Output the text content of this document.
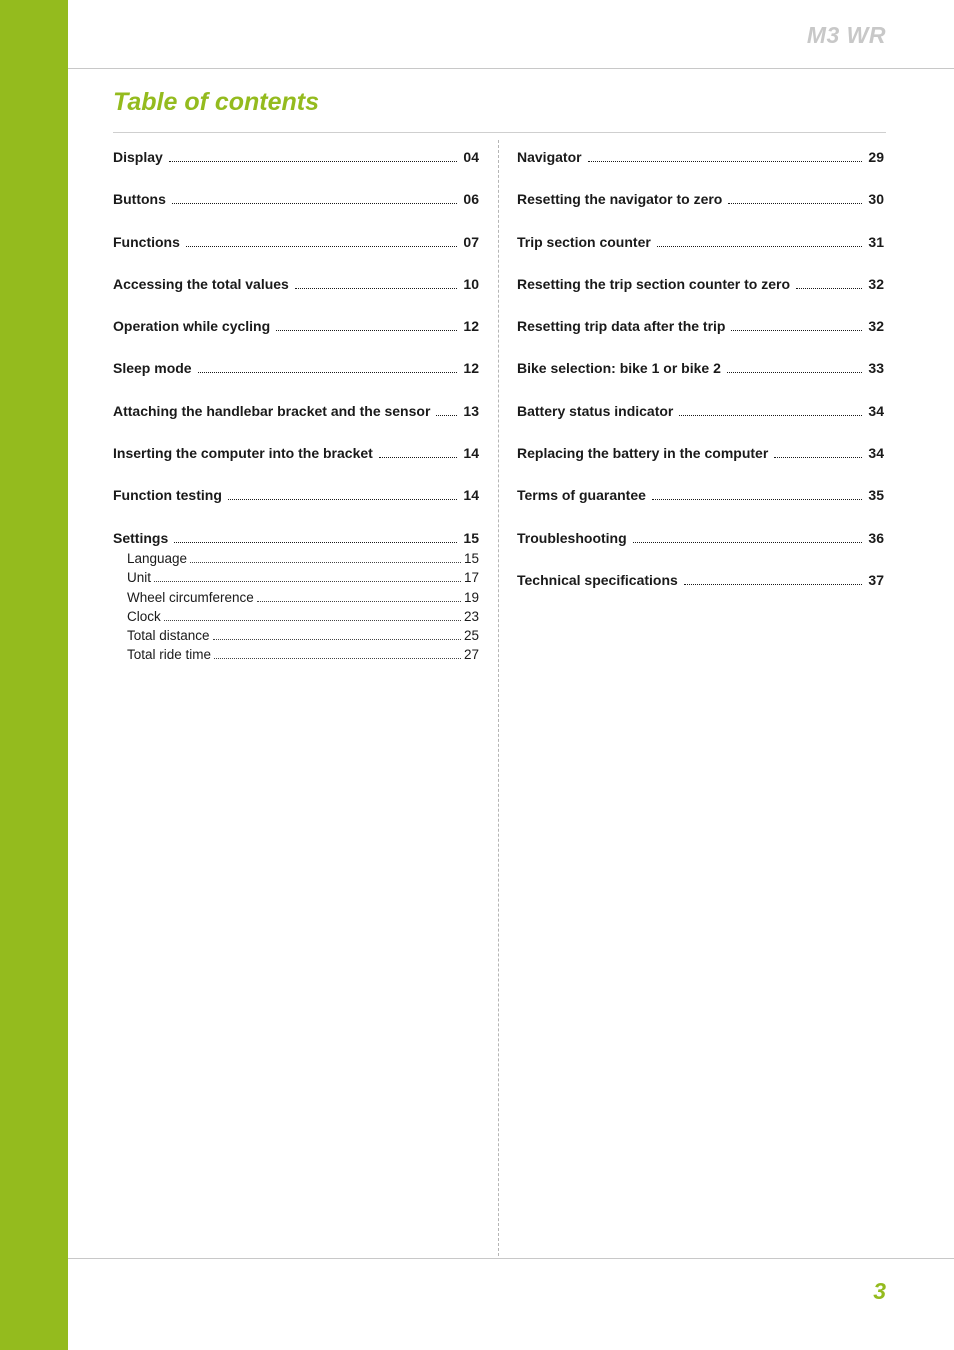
M3 WR
Table of contents
Display	04
Buttons	06
Functions	07
Accessing the total values	10
Operation while cycling	12
Sleep mode	12
Attaching the handlebar bracket and the sensor 13
Inserting the computer into the bracket	14
Function testing	14
Settings	15
Language	15
Unit	17
Wheel circumference	19
Clock	23
Total distance	25
Total ride time	27
Navigator	29
Resetting the navigator to zero	30
Trip section counter	31
Resetting the trip section counter to zero	32
Resetting trip data after the trip	32
Bike selection: bike 1 or bike 2	33
Battery status indicator	34
Replacing the battery in the computer	34
Terms of guarantee	35
Troubleshooting	36
Technical specifications	37
3
